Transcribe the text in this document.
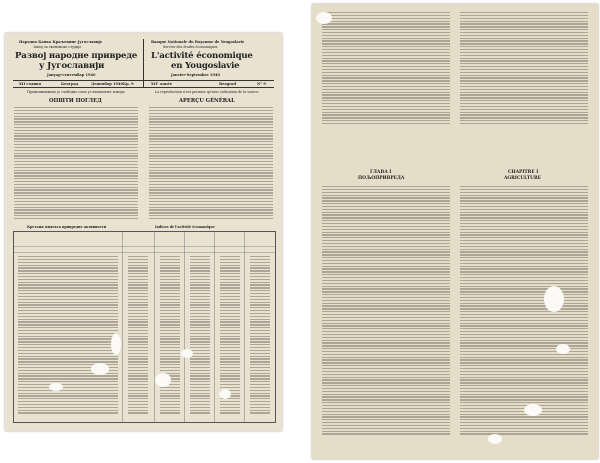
Народна Банка Краљевине Југославије
Завод за економске студије
Развој народне привреде
у Југославији
Јануар-септембар 1940
Banque Nationale du Royaume de Yougoslavie
Service des études économiques
L'activité économique
en Yougoslavie
Janvier-Septembre 1940
XII година	Београд	Децембар 1940 Бр. 9	XIIᵉ année	Beograd	N° 9
Прештампавање је слободно само уз назначење извора	La reproduction n'est permise qu'avec indication de la source
ОПШТИ ПОГЛЕД	APERÇU GÉNÉRAL
Кретање индекса привредне активности	Indices de l'activité économique
ГЛАВА I
ПОЉОПРИВРЕДА
CHAPITRE I
AGRICULTURE
